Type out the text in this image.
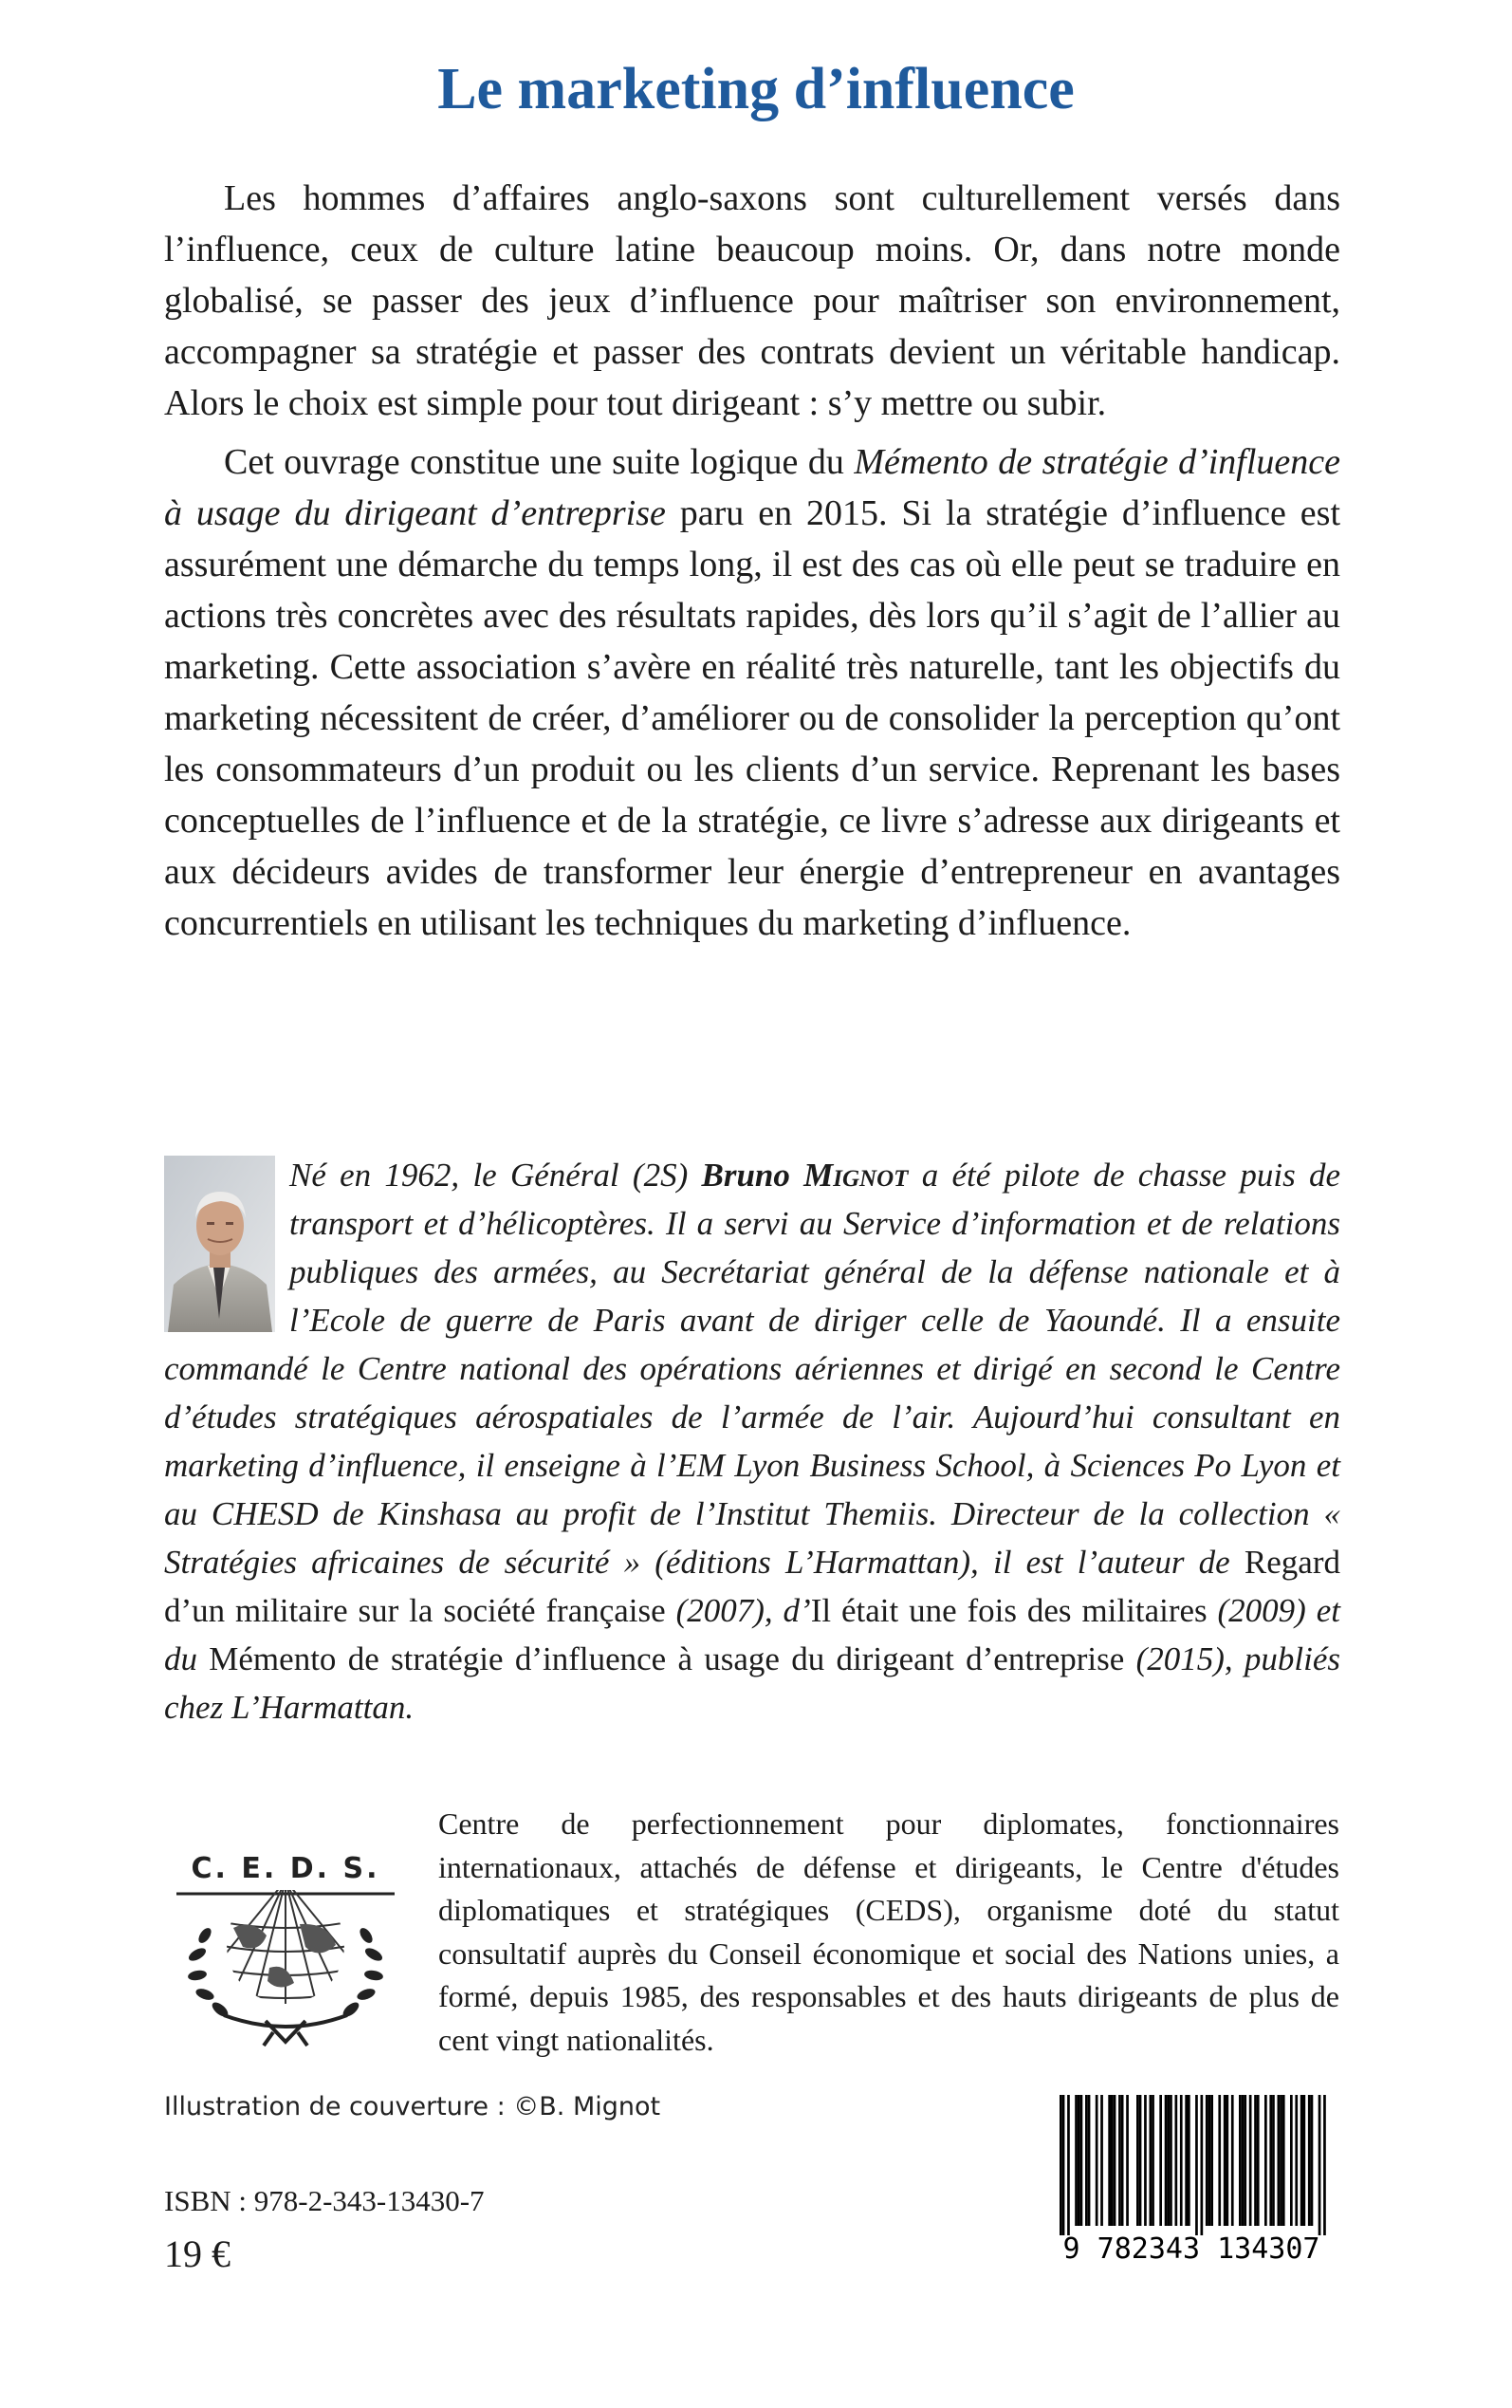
Le marketing d’influence

Les hommes d’affaires anglo-saxons sont culturellement versés dans l’influence, ceux de culture latine beaucoup moins. Or, dans notre monde globalisé, se passer des jeux d’influence pour maîtriser son environnement, accompagner sa stratégie et passer des contrats devient un véritable handicap. Alors le choix est simple pour tout dirigeant : s’y mettre ou subir.

Cet ouvrage constitue une suite logique du Mémento de stratégie d’influence à usage du dirigeant d’entreprise paru en 2015. Si la stratégie d’influence est assurément une démarche du temps long, il est des cas où elle peut se traduire en actions très concrètes avec des résultats rapides, dès lors qu’il s’agit de l’allier au marketing. Cette association s’avère en réalité très naturelle, tant les objectifs du marketing nécessitent de créer, d’améliorer ou de consolider la perception qu’ont les consommateurs d’un produit ou les clients d’un service. Reprenant les bases conceptuelles de l’influence et de la stratégie, ce livre s’adresse aux dirigeants et aux décideurs avides de transformer leur énergie d’entrepreneur en avantages concurrentiels en utilisant les techniques du marketing d’influence.

Né en 1962, le Général (2S) Bruno Mignot a été pilote de chasse puis de transport et d’hélicoptères. Il a servi au Service d’information et de relations publiques des armées, au Secrétariat général de la défense nationale et à l’Ecole de guerre de Paris avant de diriger celle de Yaoundé. Il a ensuite commandé le Centre national des opérations aériennes et dirigé en second le Centre d’études stratégiques aérospatiales de l’armée de l’air. Aujourd’hui consultant en marketing d’influence, il enseigne à l’EM Lyon Business School, à Sciences Po Lyon et au CHESD de Kinshasa au profit de l’Institut Themiis. Directeur de la collection « Stratégies africaines de sécurité » (éditions L’Harmattan), il est l’auteur de Regard d’un militaire sur la société française (2007), d’Il était une fois des militaires (2009) et du Mémento de stratégie d’influence à usage du dirigeant d’entreprise (2015), publiés chez L’Harmattan.

C. E. D. S.

Centre de perfectionnement pour diplomates, fonctionnaires internationaux, attachés de défense et dirigeants, le Centre d'études diplomatiques et stratégiques (CEDS), organisme doté du statut consultatif auprès du Conseil économique et social des Nations unies, a formé, depuis 1985, des responsables et des hauts dirigeants de plus de cent vingt nationalités.

Illustration de couverture : ©B. Mignot

ISBN : 978-2-343-13430-7

19 €	9 782343 134307
